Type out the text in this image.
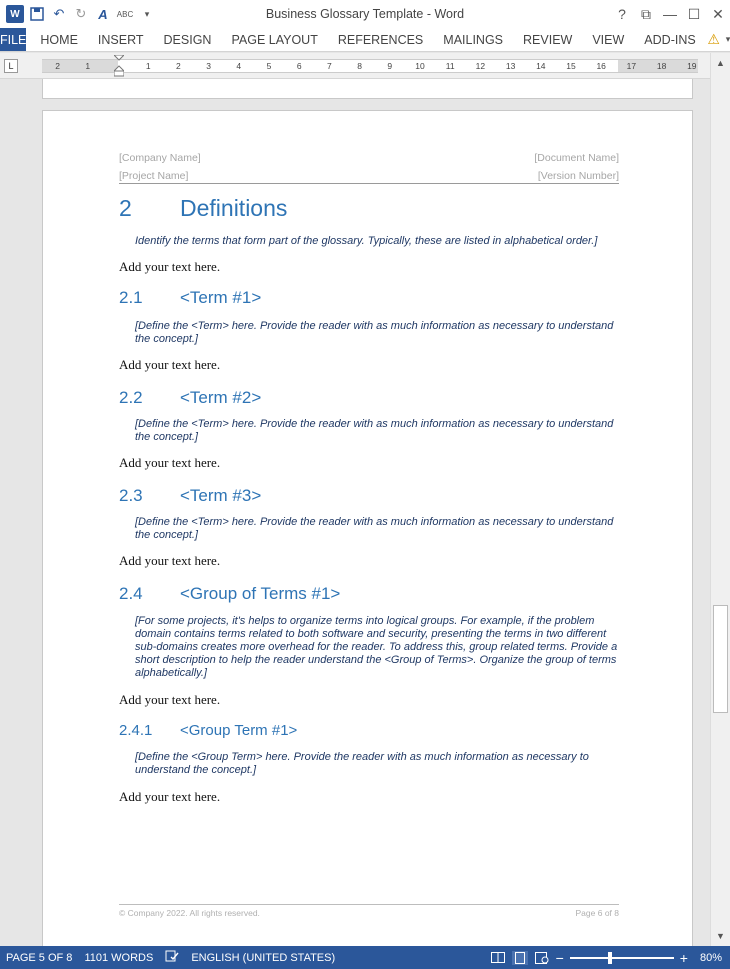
W	↶ ↻ A	ABC	▾	Business Glossary Template - Word	?	⧉ — ☐ ✕
FILE	HOME	INSERT	DESIGN	PAGE LAYOUT	REFERENCES	MAILINGS	REVIEW	VIEW	ADD-INS ⚠ ▾
L	2	1	1	2	3	4	5	6	7	8	9	10 11 12 13 14 15 16 17 18 19
[Company Name]	[Document Name]
[Project Name]	[Version Number]
2	Definitions
Identify the terms that form part of the glossary. Typically, these are listed in alphabetical order.]
Add your text here.
2.1	<Term #1>
[Define the <Term> here. Provide the reader with as much information as necessary to understand the concept.]
Add your text here.
2.2	<Term #2>
[Define the <Term> here. Provide the reader with as much information as necessary to understand the concept.]
Add your text here.
2.3	<Term #3>
[Define the <Term> here. Provide the reader with as much information as necessary to understand the concept.]
Add your text here.
2.4	<Group of Terms #1>
[For some projects, it's helps to organize terms into logical groups. For example, if the problem domain contains terms related to both software and security, presenting the terms in two different sub-domains creates more overhead for the reader. To address this, group related terms. Provide a short description to help the reader understand the <Group of Terms>. Organize the group of terms alphabetically.]
Add your text here.
2.4.1	<Group Term #1>
[Define the <Group Term> here. Provide the reader with as much information as necessary to understand the concept.]
Add your text here.
© Company 2022. All rights reserved.	Page 6 of 8
▲
▼
PAGE 5 OF 8	1101 WORDS	ENGLISH (UNITED STATES)	−	+	80%
